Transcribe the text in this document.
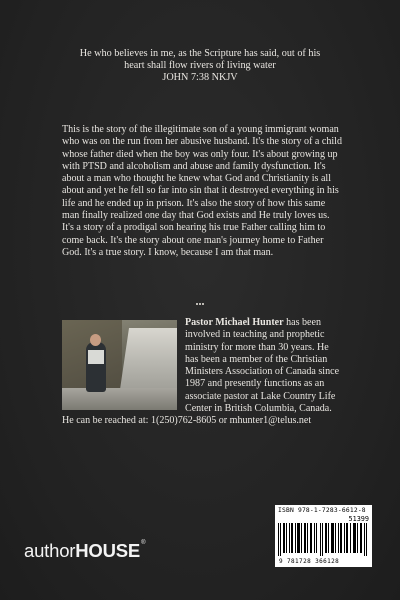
He who believes in me, as the Scripture has said, out of his
heart shall flow rivers of living water

JOHN 7:38 NKJV

This is the story of the illegitimate son of a young immigrant woman who was on the run from her abusive husband. It's the story of a child whose father died when the boy was only four. It's about growing up with PTSD and alcoholism and abuse and family dysfunction. It's about a man who thought he knew what God and Christianity is all about and yet he fell so far into sin that it destroyed everything in his life and he ended up in prison. It's also the story of how this same man finally realized one day that God exists and He truly loves us. It's a story of a prodigal son hearing his true Father calling him to come back. It's the story about one man's journey home to Father God. It's a true story. I know, because I am that man.

Pastor Michael Hunter has been involved in teaching and prophetic ministry for more than 30 years. He has been a member of the Christian Ministers Association of Canada since 1987 and presently functions as an associate pastor at Lake Country Life Center in British Columbia, Canada. He can be reached at: 1(250)762-8605 or mhunter1@telus.net
ISBN 978-1-7283-6612-8
51399
9 781728 366128
authorHOUSE®
